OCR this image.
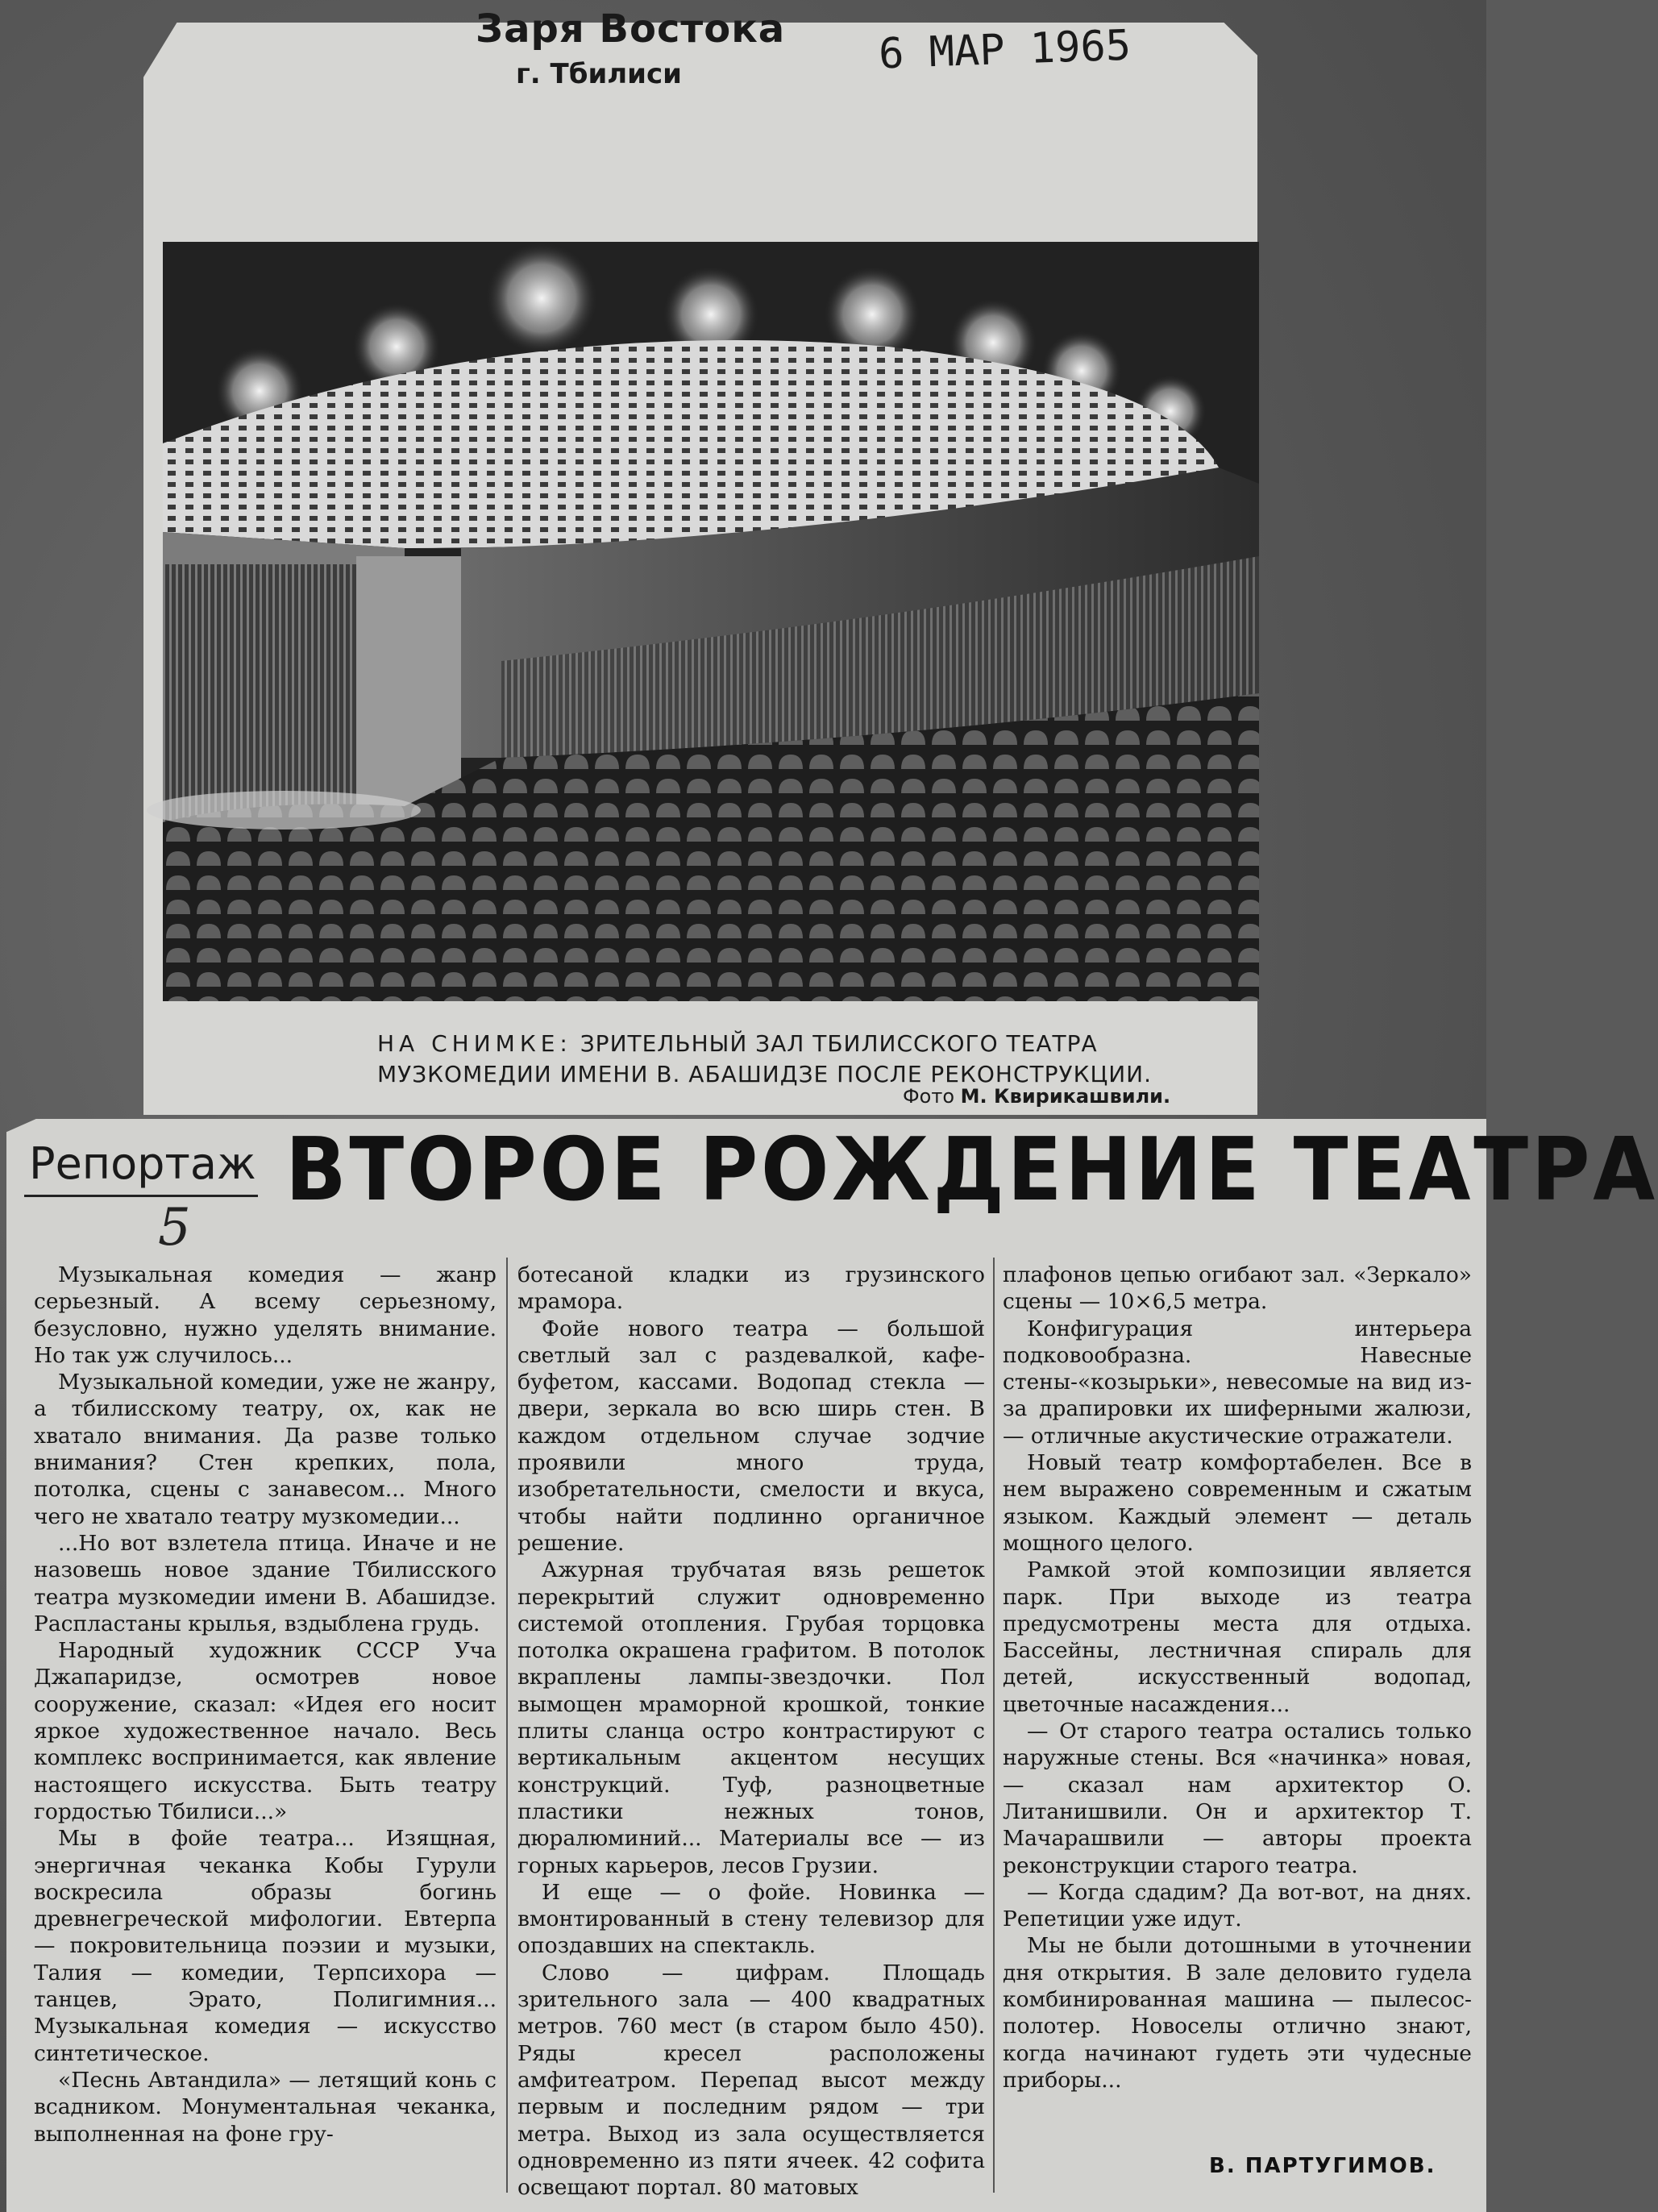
Заря Востока
г. Тбилиси	6 МАР 1965
НА СНИМКЕ: ЗРИТЕЛЬНЫЙ ЗАЛ ТБИЛИССКОГО ТЕАТРА МУЗКОМЕДИИ ИМЕНИ В. АБАШИДЗЕ ПОСЛЕ РЕКОНСТРУКЦИИ.
Фото М. Квирикашвили.
Репортаж
5
ВТОРОЕ РОЖДЕНИЕ ТЕАТРА

Музыкальная комедия — жанр серьезный. А всему серьезному, безусловно, нужно уделять внимание. Но так уж случилось...

Музыкальной комедии, уже не жанру, а тбилисскому театру, ох, как не хватало внимания. Да разве только внимания? Стен крепких, пола, потолка, сцены с занавесом... Много чего не хватало театру музкомедии...

...Но вот взлетела птица. Иначе и не назовешь новое здание Тбилисского театра музкомедии имени В. Абашидзе. Распластаны крылья, вздыблена грудь.

Народный художник СССР Уча Джапаридзе, осмотрев новое сооружение, сказал: «Идея его носит яркое художественное начало. Весь комплекс воспринимается, как явление настоящего искусства. Быть театру гордостью Тбилиси...»

Мы в фойе театра... Изящная, энергичная чеканка Кобы Гурули воскресила образы богинь древнегреческой мифологии. Евтерпа — покровительница поэзии и музыки, Талия — комедии, Терпсихора — танцев, Эрато, Полигимния... Музыкальная комедия — искусство синтетическое.

«Песнь Автандила» — летящий конь с всадником. Монументальная чеканка, выполненная на фоне гру-

ботесаной кладки из грузинского мрамора.

Фойе нового театра — большой светлый зал с раздевалкой, кафе-буфетом, кассами. Водопад стекла — двери, зеркала во всю ширь стен. В каждом отдельном случае зодчие проявили много труда, изобретательности, смелости и вкуса, чтобы найти подлинно органичное решение.

Ажурная трубчатая вязь решеток перекрытий служит одновременно системой отопления. Грубая торцовка потолка окрашена графитом. В потолок вкраплены лампы-звездочки. Пол вымощен мраморной крошкой, тонкие плиты сланца остро контрастируют с вертикальным акцентом несущих конструкций. Туф, разноцветные пластики нежных тонов, дюралюминий... Материалы все — из горных карьеров, лесов Грузии.

И еще — о фойе. Новинка — вмонтированный в стену телевизор для опоздавших на спектакль.

Слово — цифрам. Площадь зрительного зала — 400 квадратных метров. 760 мест (в старом было 450). Ряды кресел расположены амфитеатром. Перепад высот между первым и последним рядом — три метра. Выход из зала осуществляется одновременно из пяти ячеек. 42 софита освещают портал. 80 матовых

плафонов цепью огибают зал. «Зеркало» сцены — 10×6,5 метра.

Конфигурация интерьера подковообразна. Навесные стены-«козырьки», невесомые на вид из-за драпировки их шиферными жалюзи, — отличные акустические отражатели.

Новый театр комфортабелен. Все в нем выражено современным и сжатым языком. Каждый элемент — деталь мощного целого.

Рамкой этой композиции является парк. При выходе из театра предусмотрены места для отдыха. Бассейны, лестничная спираль для детей, искусственный водопад, цветочные насаждения...

— От старого театра остались только наружные стены. Вся «начинка» новая, — сказал нам архитектор О. Литанишвили. Он и архитектор Т. Мачарашвили — авторы проекта реконструкции старого театра.

— Когда сдадим? Да вот-вот, на днях. Репетиции уже идут.

Мы не были дотошными в уточнении дня открытия. В зале деловито гудела комбинированная машина — пылесос-полотер. Новоселы отлично знают, когда начинают гудеть эти чудесные приборы...

В. ПАРТУГИМОВ.
